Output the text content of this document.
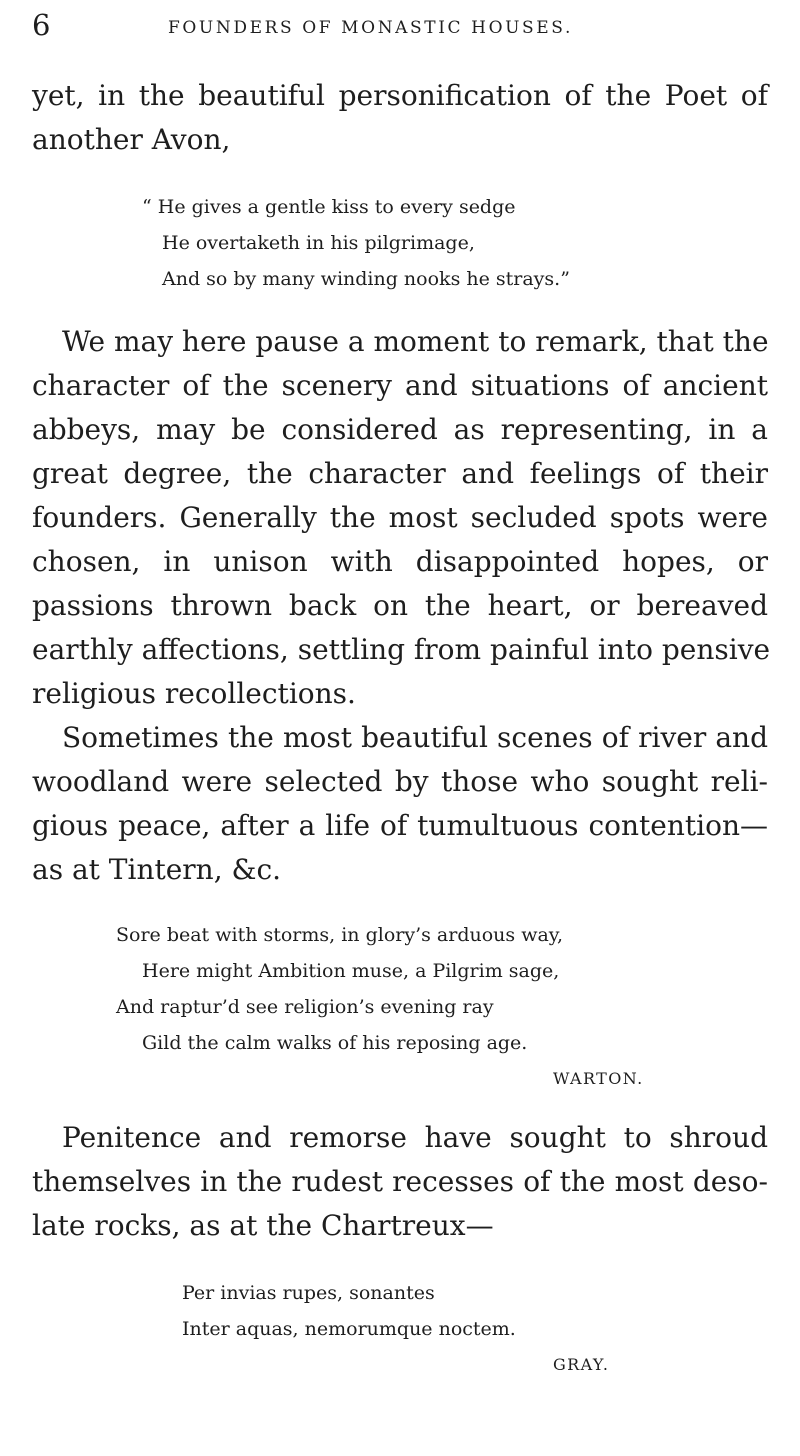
6	FOUNDERS OF MONASTIC HOUSES.
yet, in the beautiful personification of the Poet of
another Avon,
“ He gives a gentle kiss to every sedge
He overtaketh in his pilgrimage,
And so by many winding nooks he strays.”
We may here pause a moment to remark, that the
character of the scenery and situations of ancient
abbeys, may be considered as representing, in a
great degree, the character and feelings of their
founders. Generally the most secluded spots were
chosen, in unison with disappointed hopes, or
passions thrown back on the heart, or bereaved
earthly affections, settling from painful into pensive
religious recollections.
Sometimes the most beautiful scenes of river and
woodland were selected by those who sought reli-
gious peace, after a life of tumultuous contention—
as at Tintern, &c.
Sore beat with storms, in glory’s arduous way,
Here might Ambition muse, a Pilgrim sage,
And raptur’d see religion’s evening ray
Gild the calm walks of his reposing age.
WARTON.
Penitence and remorse have sought to shroud
themselves in the rudest recesses of the most deso-
late rocks, as at the Chartreux—
Per invias rupes, sonantes
Inter aquas, nemorumque noctem.
GRAY.
